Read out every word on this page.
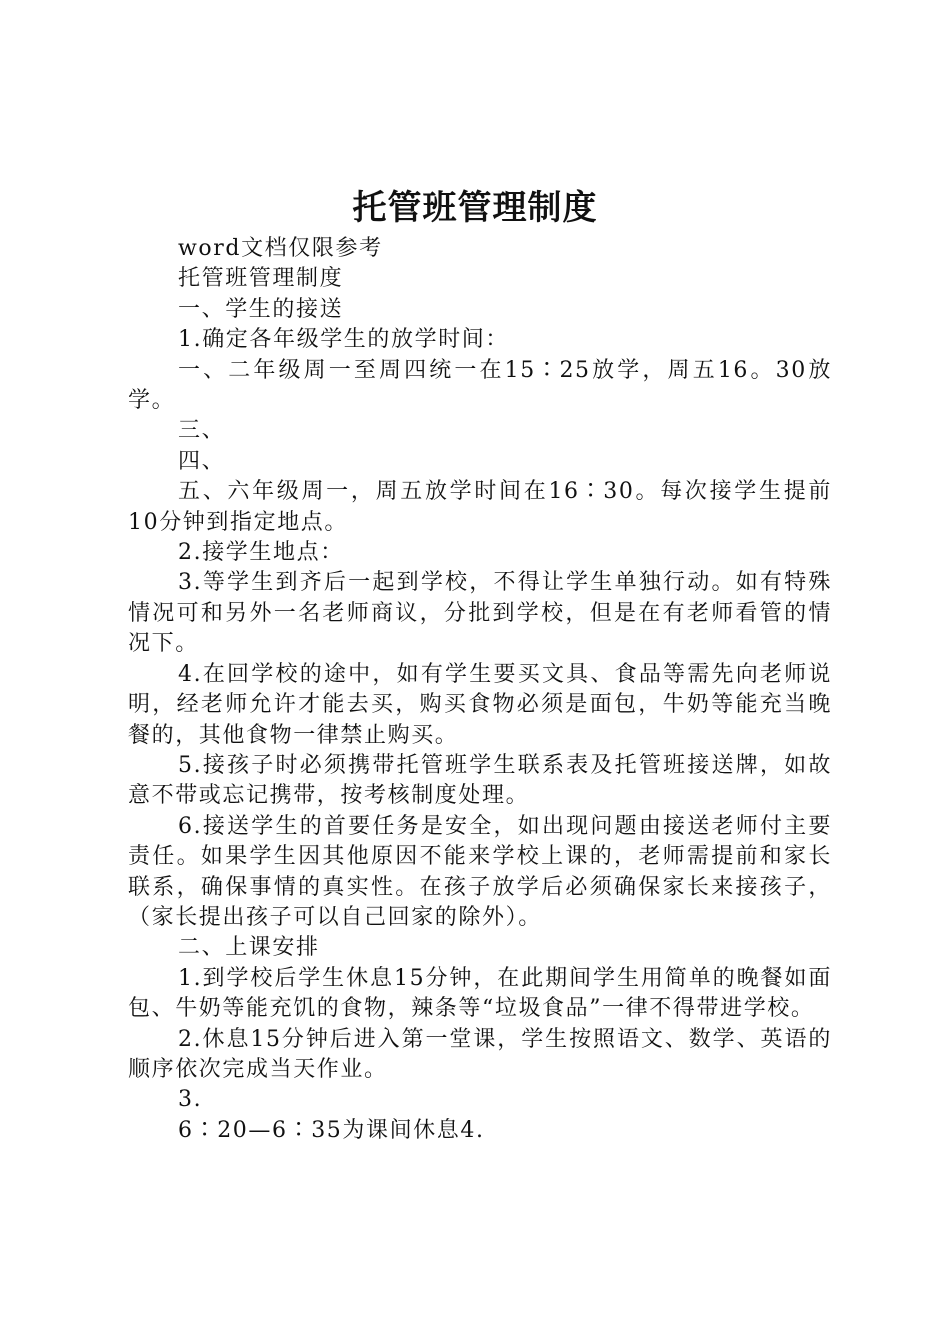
托管班管理制度

word文档仅限参考

托管班管理制度

一、学生的接送

1.确定各年级学生的放学时间：

一、二年级周一至周四统一在15∶25放学，周五16。30放学。

三、

四、

五、六年级周一，周五放学时间在16∶30。每次接学生提前10分钟到指定地点。

2.接学生地点：

3.等学生到齐后一起到学校，不得让学生单独行动。如有特殊情况可和另外一名老师商议，分批到学校，但是在有老师看管的情况下。

4.在回学校的途中，如有学生要买文具、食品等需先向老师说明，经老师允许才能去买，购买食物必须是面包，牛奶等能充当晚餐的，其他食物一律禁止购买。

5.接孩子时必须携带托管班学生联系表及托管班接送牌，如故意不带或忘记携带，按考核制度处理。

6.接送学生的首要任务是安全，如出现问题由接送老师付主要责任。如果学生因其他原因不能来学校上课的，老师需提前和家长联系，确保事情的真实性。在孩子放学后必须确保家长来接孩子，（家长提出孩子可以自己回家的除外）。

二、上课安排

1.到学校后学生休息15分钟，在此期间学生用简单的晚餐如面包、牛奶等能充饥的食物，辣条等“垃圾食品”一律不得带进学校。

2.休息15分钟后进入第一堂课，学生按照语文、数学、英语的顺序依次完成当天作业。

3.

6∶20—6∶35为课间休息4.
